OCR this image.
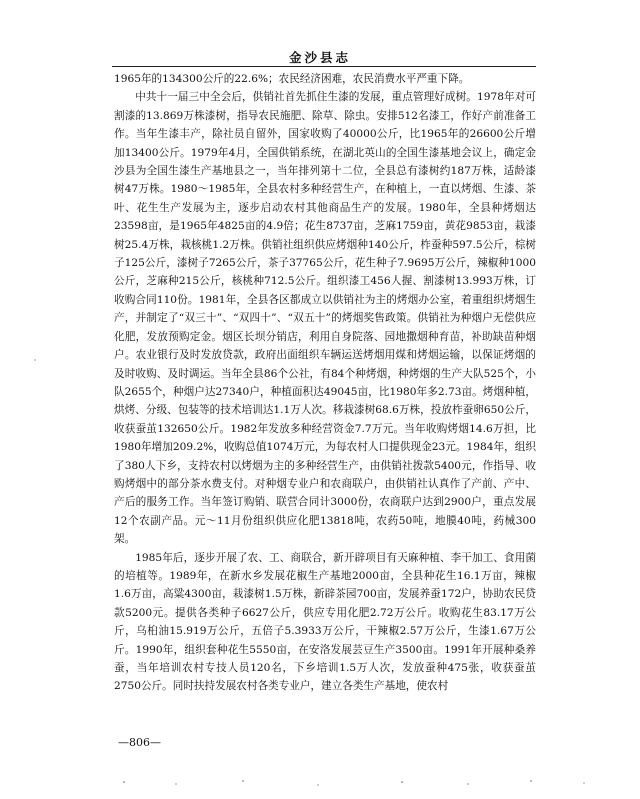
金沙县志

1965年的134300公斤的22.6%；农民经济困难，农民消费水平严重下降。

中共十一届三中全会后，供销社首先抓住生漆的发展，重点管理好成树。1978年对可割漆的13.869万株漆树，指导农民施肥、除草、除虫。安排512名漆工，作好产前准备工作。当年生漆丰产，除社员自留外，国家收购了40000公斤，比1965年的26600公斤增加13400公斤。1979年4月，全国供销系统，在湖北英山的全国生漆基地会议上，确定金沙县为全国生漆生产基地县之一，当年排列第十二位，全县总有漆树约187万株，适龄漆树47万株。1980～1985年，全县农村多种经营生产，在种植上，一直以烤烟、生漆、茶叶、花生生产发展为主，逐步启动农村其他商品生产的发展。1980年，全县种烤烟达23598亩，是1965年4825亩的4.9倍；花生8737亩，芝麻1759亩，黄花9853亩，栽漆树25.4万株，栽核桃1.2万株。供销社组织供应烤烟种140公斤，柞蚕种597.5公斤，棕树子125公斤，漆树子7265公斤，茶子37765公斤，花生种子7.9695万公斤，辣椒种1000公斤，芝麻种215公斤，核桃种712.5公斤。组织漆工456人握、割漆树13.993万株，订收购合同110份。1981年，全县各区都成立以供销社为主的烤烟办公室，着重组织烤烟生产，并制定了“双三十”、“双四十”、“双五十”的烤烟奖售政策。供销社为种烟户无偿供应化肥，发放预购定金。烟区长坝分销店，利用自身院落、园地撒烟种育苗，补助缺苗种烟户。农业银行及时发放贷款，政府出面组织车辆运送烤烟用煤和烤烟运输，以保证烤烟的及时收购、及时调运。当年全县86个公社，有84个种烤烟，种烤烟的生产大队525个，小队2655个，种烟户达27340户，种植面积达49045亩，比1980年多2.73亩。烤烟种植，烘烤、分级、包装等的技术培训达1.1万人次。移栽漆树68.6万株，投放柞蚕卵650公斤，收获蚕茧132650公斤。1982年发放多种经营资金7.7万元。当年收购烤烟14.6万担，比1980年增加209.2%，收购总值1074万元，为每农村人口提供现金23元。1984年，组织了380人下乡，支持农村以烤烟为主的多种经营生产，由供销社拨款5400元，作指导、收购烤烟中的部分茶水费支付。对种烟专业户和农商联户，由供销社认真作了产前、产中、产后的服务工作。当年签订购销、联营合同计3000份，农商联户达到2900户，重点发展12个农副产品。元～11月份组织供应化肥13818吨，农药50吨，地膜40吨，药械300架。

1985年后，逐步开展了农、工、商联合，新开辟项目有天麻种植、李干加工、食用菌的培植等。1989年，在新水乡发展花椒生产基地2000亩，全县种花生16.1万亩，辣椒1.6万亩，高粱4300亩，栽漆树1.5万株，新辟茶园700亩，发展养蚕172户，协助农民贷款5200元。提供各类种子6627公斤，供应专用化肥2.72万公斤。收购花生83.17万公斤，乌桕油15.919万公斤，五倍子5.3933万公斤，干辣椒2.57万公斤，生漆1.67万公斤。1990年，组织套种花生5550亩，在安洛发展芸豆生产3500亩。1991年开展种桑养蚕，当年培训农村专技人员120名，下乡培训1.5万人次，发放蚕种475张，收获蚕茧2750公斤。同时扶持发展农村各类专业户，建立各类生产基地，使农村

—806—
